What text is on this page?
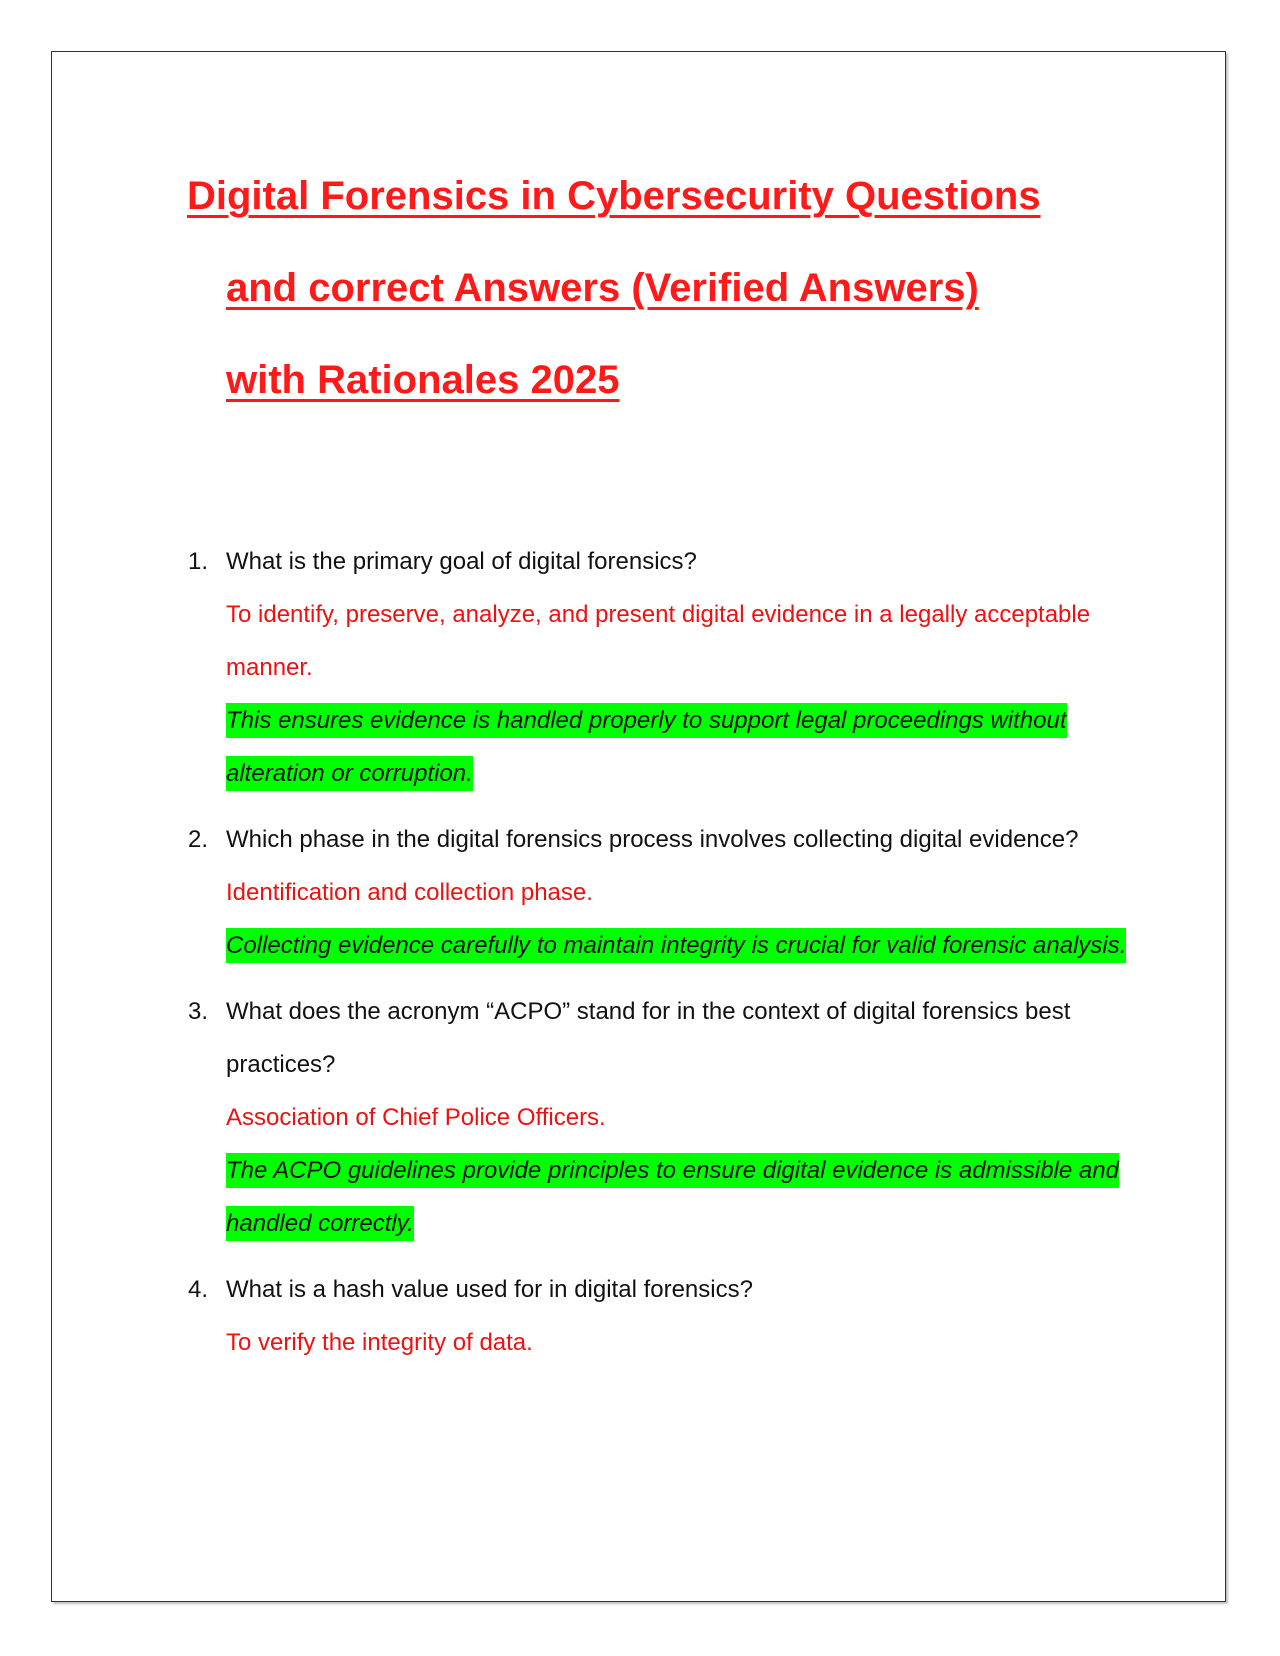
Digital Forensics in Cybersecurity Questions
and correct Answers (Verified Answers)
with Rationales 2025
1. What is the primary goal of digital forensics?
To identify, preserve, analyze, and present digital evidence in a legally acceptable manner.
This ensures evidence is handled properly to support legal proceedings without alteration or corruption.
2. Which phase in the digital forensics process involves collecting digital evidence?
Identification and collection phase.
Collecting evidence carefully to maintain integrity is crucial for valid forensic analysis.
3. What does the acronym “ACPO” stand for in the context of digital forensics best practices?
Association of Chief Police Officers.
The ACPO guidelines provide principles to ensure digital evidence is admissible and handled correctly.
4. What is a hash value used for in digital forensics?
To verify the integrity of data.
